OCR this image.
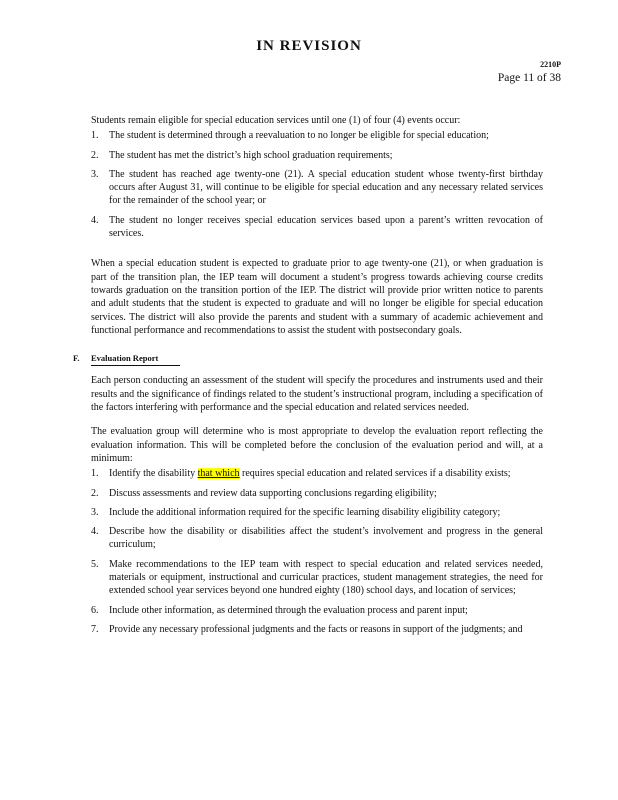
IN REVISION
2210P
Page 11 of 38

Students remain eligible for special education services until one (1) of four (4) events occur:

1. The student is determined through a reevaluation to no longer be eligible for special education;
2. The student has met the district’s high school graduation requirements;
3. The student has reached age twenty-one (21). A special education student whose twenty-first birthday occurs after August 31, will continue to be eligible for special education and any necessary related services for the remainder of the school year; or
4. The student no longer receives special education services based upon a parent’s written revocation of services.

When a special education student is expected to graduate prior to age twenty-one (21), or when graduation is part of the transition plan, the IEP team will document a student’s progress towards achieving course credits towards graduation on the transition portion of the IEP. The district will provide prior written notice to parents and adult students that the student is expected to graduate and will no longer be eligible for special education services. The district will also provide the parents and student with a summary of academic achievement and functional performance and recommendations to assist the student with postsecondary goals.

F. Evaluation Report

Each person conducting an assessment of the student will specify the procedures and instruments used and their results and the significance of findings related to the student’s instructional program, including a specification of the factors interfering with performance and the special education and related services needed.

The evaluation group will determine who is most appropriate to develop the evaluation report reflecting the evaluation information. This will be completed before the conclusion of the evaluation period and will, at a minimum:

1. Identify the disability that which requires special education and related services if a disability exists;
2. Discuss assessments and review data supporting conclusions regarding eligibility;
3. Include the additional information required for the specific learning disability eligibility category;
4. Describe how the disability or disabilities affect the student’s involvement and progress in the general curriculum;
5. Make recommendations to the IEP team with respect to special education and related services needed, materials or equipment, instructional and curricular practices, student management strategies, the need for extended school year services beyond one hundred eighty (180) school days, and location of services;
6. Include other information, as determined through the evaluation process and parent input;
7. Provide any necessary professional judgments and the facts or reasons in support of the judgments; and
